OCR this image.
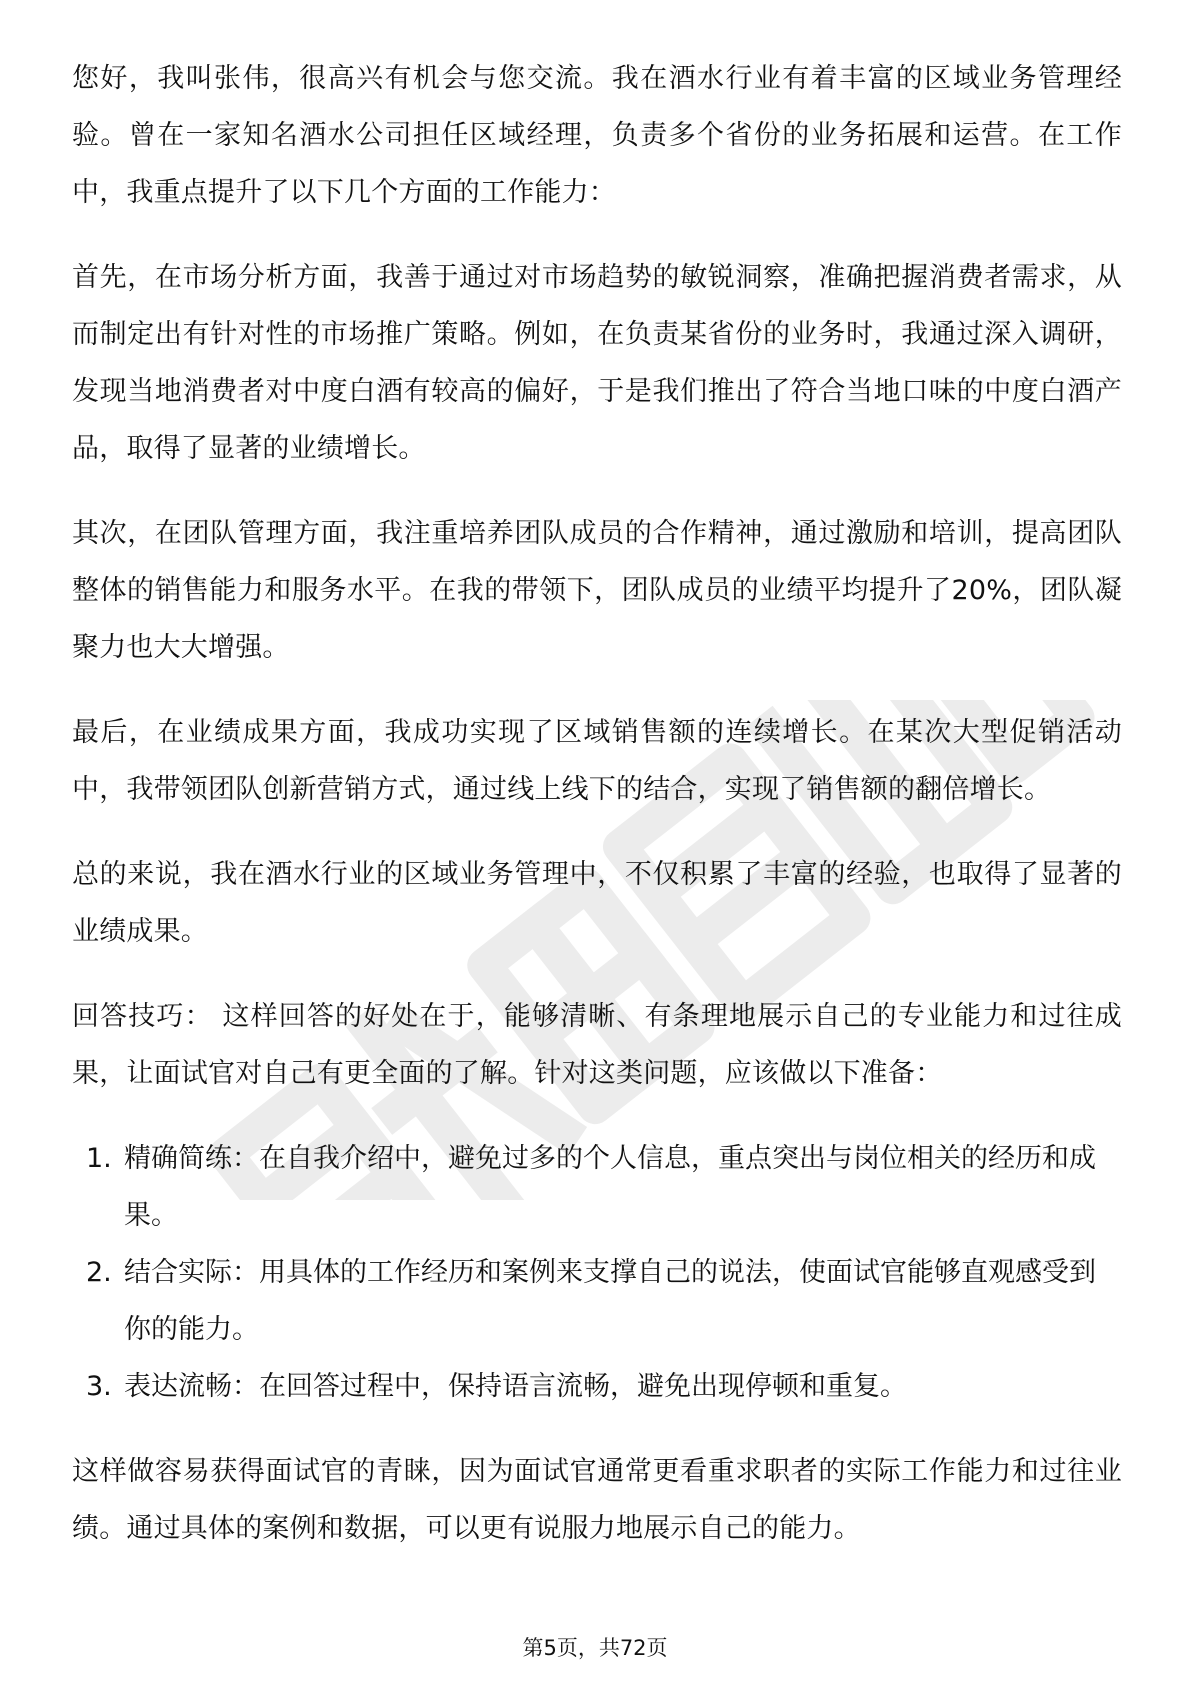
您好，我叫张伟，很高兴有机会与您交流。我在酒水行业有着丰富的区域业务管理经验。曾在一家知名酒水公司担任区域经理，负责多个省份的业务拓展和运营。在工作中，我重点提升了以下几个方面的工作能力：

首先，在市场分析方面，我善于通过对市场趋势的敏锐洞察，准确把握消费者需求，从而制定出有针对性的市场推广策略。例如，在负责某省份的业务时，我通过深入调研，发现当地消费者对中度白酒有较高的偏好，于是我们推出了符合当地口味的中度白酒产品，取得了显著的业绩增长。

其次，在团队管理方面，我注重培养团队成员的合作精神，通过激励和培训，提高团队整体的销售能力和服务水平。在我的带领下，团队成员的业绩平均提升了20%，团队凝聚力也大大增强。

最后，在业绩成果方面，我成功实现了区域销售额的连续增长。在某次大型促销活动中，我带领团队创新营销方式，通过线上线下的结合，实现了销售额的翻倍增长。

总的来说，我在酒水行业的区域业务管理中，不仅积累了丰富的经验，也取得了显著的业绩成果。

回答技巧： 这样回答的好处在于，能够清晰、有条理地展示自己的专业能力和过往成果，让面试官对自己有更全面的了解。针对这类问题，应该做以下准备：

1. 精确简练：在自我介绍中，避免过多的个人信息，重点突出与岗位相关的经历和成果。
2. 结合实际：用具体的工作经历和案例来支撑自己的说法，使面试官能够直观感受到你的能力。
3. 表达流畅：在回答过程中，保持语言流畅，避免出现停顿和重复。

这样做容易获得面试官的青睐，因为面试官通常更看重求职者的实际工作能力和过往业绩。通过具体的案例和数据，可以更有说服力地展示自己的能力。

第5页，共72页
